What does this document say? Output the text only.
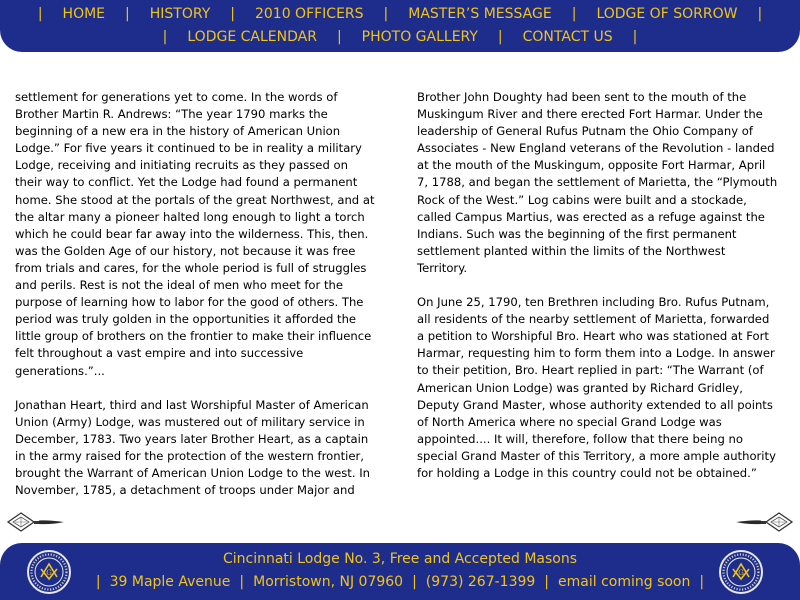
| HOME | HISTORY | 2010 OFFICERS | MASTER’S MESSAGE | LODGE OF SORROW |
| LODGE CALENDAR | PHOTO GALLERY | CONTACT US |

settlement for generations yet to come. In the words of Brother Martin R. Andrews: “The year 1790 marks the beginning of a new era in the history of American Union Lodge.” For five years it continued to be in reality a military Lodge, receiving and initiating recruits as they passed on their way to conflict. Yet the Lodge had found a permanent home. She stood at the portals of the great Northwest, and at the altar many a pioneer halted long enough to light a torch which he could bear far away into the wilderness. This, then. was the Golden Age of our history, not because it was free from trials and cares, for the whole period is full of struggles and perils. Rest is not the ideal of men who meet for the purpose of learning how to labor for the good of others. The period was truly golden in the opportunities it afforded the little group of brothers on the frontier to make their influence felt throughout a vast empire and into successive generations.”...

Jonathan Heart, third and last Worshipful Master of American Union (Army) Lodge, was mustered out of military service in December, 1783. Two years later Brother Heart, as a captain in the army raised for the protection of the western frontier, brought the Warrant of American Union Lodge to the west. In November, 1785, a detachment of troops under Major and

Brother John Doughty had been sent to the mouth of the Muskingum River and there erected Fort Harmar. Under the leadership of General Rufus Putnam the Ohio Company of Associates - New England veterans of the Revolution - landed at the mouth of the Muskingum, opposite Fort Harmar, April 7, 1788, and began the settlement of Marietta, the “Plymouth Rock of the West.” Log cabins were built and a stockade, called Campus Martius, was erected as a refuge against the Indians. Such was the beginning of the first permanent settlement planted within the limits of the Northwest Territory.

On June 25, 1790, ten Brethren including Bro. Rufus Putnam, all residents of the nearby settlement of Marietta, forwarded a petition to Worshipful Bro. Heart who was stationed at Fort Harmar, requesting him to form them into a Lodge. In answer to their petition, Bro. Heart replied in part: “The Warrant (of American Union Lodge) was granted by Richard Gridley, Deputy Grand Master, whose authority extended to all points of North America where no special Grand Lodge was appointed.... It will, therefore, follow that there being no special Grand Master of this Territory, a more ample authority for holding a Lodge in this country could not be obtained.”

G
Cincinnati Lodge No. 3, Free and Accepted Masons
| 39 Maple Avenue | Morristown, NJ 07960 | (973) 267-1399 | email coming soon |
G
